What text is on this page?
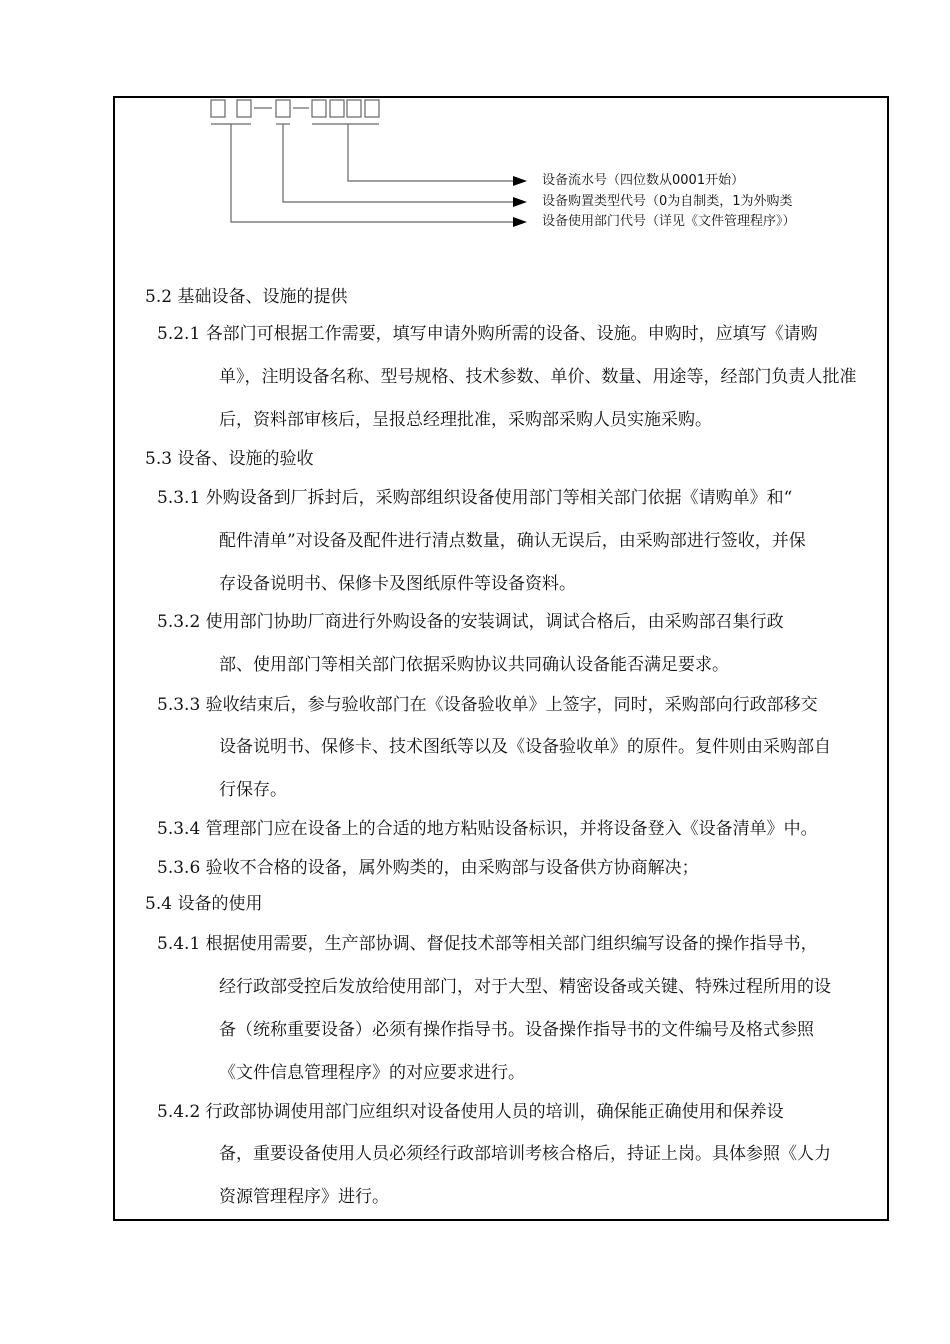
设备流水号（四位数从0001开始）
设备购置类型代号（0为自制类，1为外购类
设备使用部门代号（详见《文件管理程序》）
5.2 基础设备、设施的提供
5.2.1 各部门可根据工作需要，填写申请外购所需的设备、设施。申购时，应填写《请购
单》，注明设备名称、型号规格、技术参数、单价、数量、用途等，经部门负责人批准
后，资料部审核后，呈报总经理批准，采购部采购人员实施采购。
5.3 设备、设施的验收
5.3.1 外购设备到厂拆封后，采购部组织设备使用部门等相关部门依据《请购单》和“
配件清单”对设备及配件进行清点数量，确认无误后，由采购部进行签收，并保
存设备说明书、保修卡及图纸原件等设备资料。
5.3.2 使用部门协助厂商进行外购设备的安装调试，调试合格后，由采购部召集行政
部、使用部门等相关部门依据采购协议共同确认设备能否满足要求。
5.3.3 验收结束后，参与验收部门在《设备验收单》上签字，同时，采购部向行政部移交
设备说明书、保修卡、技术图纸等以及《设备验收单》的原件。复件则由采购部自
行保存。
5.3.4 管理部门应在设备上的合适的地方粘贴设备标识，并将设备登入《设备清单》中。
5.3.6 验收不合格的设备，属外购类的，由采购部与设备供方协商解决；
5.4 设备的使用
5.4.1 根据使用需要，生产部协调、督促技术部等相关部门组织编写设备的操作指导书，
经行政部受控后发放给使用部门，对于大型、精密设备或关键、特殊过程所用的设
备（统称重要设备）必须有操作指导书。设备操作指导书的文件编号及格式参照
《文件信息管理程序》的对应要求进行。
5.4.2 行政部协调使用部门应组织对设备使用人员的培训，确保能正确使用和保养设
备，重要设备使用人员必须经行政部培训考核合格后，持证上岗。具体参照《人力
资源管理程序》进行。
